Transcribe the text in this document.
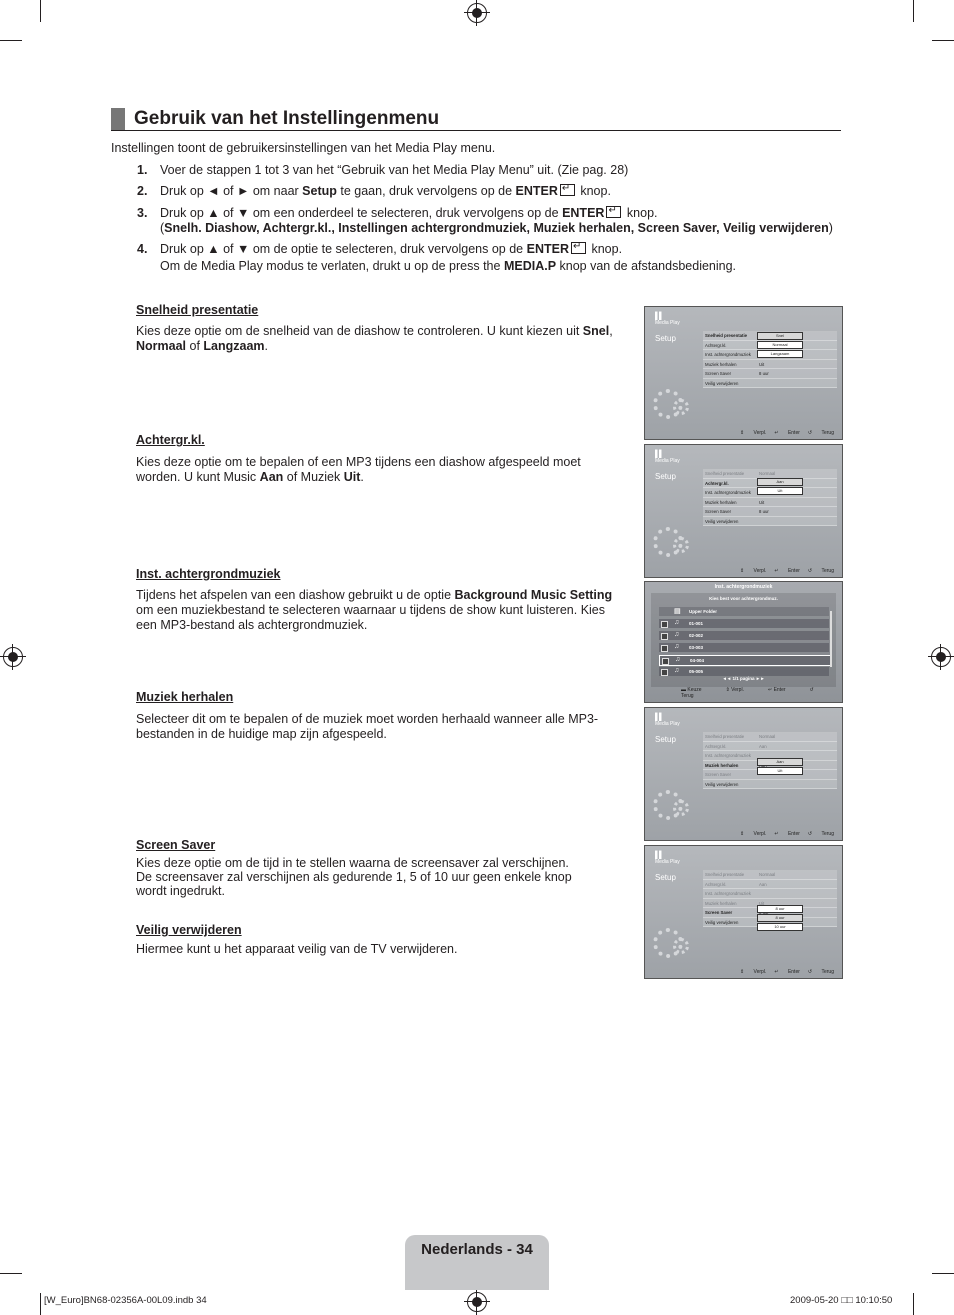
Gebruik van het Instellingenmenu
Instellingen toont de gebruikersinstellingen van het Media Play menu.
1. Voer de stappen 1 tot 3 van het “Gebruik van het Media Play Menu” uit. (Zie pag. 28)
2. Druk op ◄ of ► om naar Setup te gaan, druk vervolgens op de ENTER↵ knop.
3. Druk op ▲ of ▼ om een onderdeel te selecteren, druk vervolgens op de ENTER↵ knop.
(Snelh. Diashow, Achtergr.kl., Instellingen achtergrondmuziek, Muziek herhalen, Screen Saver, Veilig verwijderen)
4. Druk op ▲ of ▼ om de optie te selecteren, druk vervolgens op de ENTER↵ knop.
Om de Media Play modus te verlaten, drukt u op de press the MEDIA.P knop van de afstandsbediening.
Snelheid presentatie
Kies deze optie om de snelheid van de diashow te controleren. U kunt kiezen uit Snel, Normaal of Langzaam.
Achtergr.kl.
Kies deze optie om te bepalen of een MP3 tijdens een diashow afgespeeld moet worden. U kunt Music Aan of Muziek Uit.
Inst. achtergrondmuziek
Tijdens het afspelen van een diashow gebruikt u de optie Background Music Setting om een muziekbestand te selecteren waarnaar u tijdens de show kunt luisteren. Kies een MP3-bestand als achtergrondmuziek.
Muziek herhalen
Selecteer dit om te bepalen of de muziek moet worden herhaald wanneer alle MP3-bestanden in de huidige map zijn afgespeeld.
Screen Saver
Kies deze optie om de tijd in te stellen waarna de screensaver zal verschijnen. De screensaver zal verschijnen als gedurende 1, 5 of 10 uur geen enkele knop wordt ingedrukt.
Veilig verwijderen
Hiermee kunt u het apparaat veilig van de TV verwijderen.
▌▌
Media Play
Setup	Snelheid presentatie
Achtergr.kl.
Inst. achtergrondmuziek
Muziek herhalen	Uit
Screen Saver	8 uur
Veilig verwijderen
Snel
Normaal
Langzaam
⇕ Verpl. ↵ Enter ↺ Terug
▌▌
Media Play
Setup	Snelheid presentatie	Normaal
Achtergr.kl.
Inst. achtergrondmuziek
Muziek herhalen	Uit
Screen Saver	8 uur
Veilig verwijderen
Aan
Uit
⇕ Verpl. ↵ Enter ↺ Terug
Inst. achtergrondmuziek
Kies best voor achtergrondmuz.
▤ Upper Folder
♫ 01-001
♫ 02-002
♫ 03-003
♫ 04-004
♫ 05-005
◄◄ 1/1 pagina ►►
▬ Keuze	⇕ Verpl.	↵ Enter	↺ Terug
▌▌
Media Play
Setup	Snelheid presentatie	Normaal
Achtergr.kl.	Aan
Inst. achtergrondmuziek
Muziek herhalen
Screen Saver
Veilig verwijderen
Aan
Uit
⇕ Verpl. ↵ Enter ↺ Terug
▌▌
Media Play
Setup	Snelheid presentatie	Normaal
Achtergr.kl.	Aan
Inst. achtergrondmuziek
Muziek herhalen	Uit
Screen Saver
Veilig verwijderen
8 uur
8 uur
10 uur
⇕ Verpl. ↵ Enter ↺ Terug
Nederlands - 34
[W_Euro]BN68-02356A-00L09.indb 34	2009-05-20 □□ 10:10:50
